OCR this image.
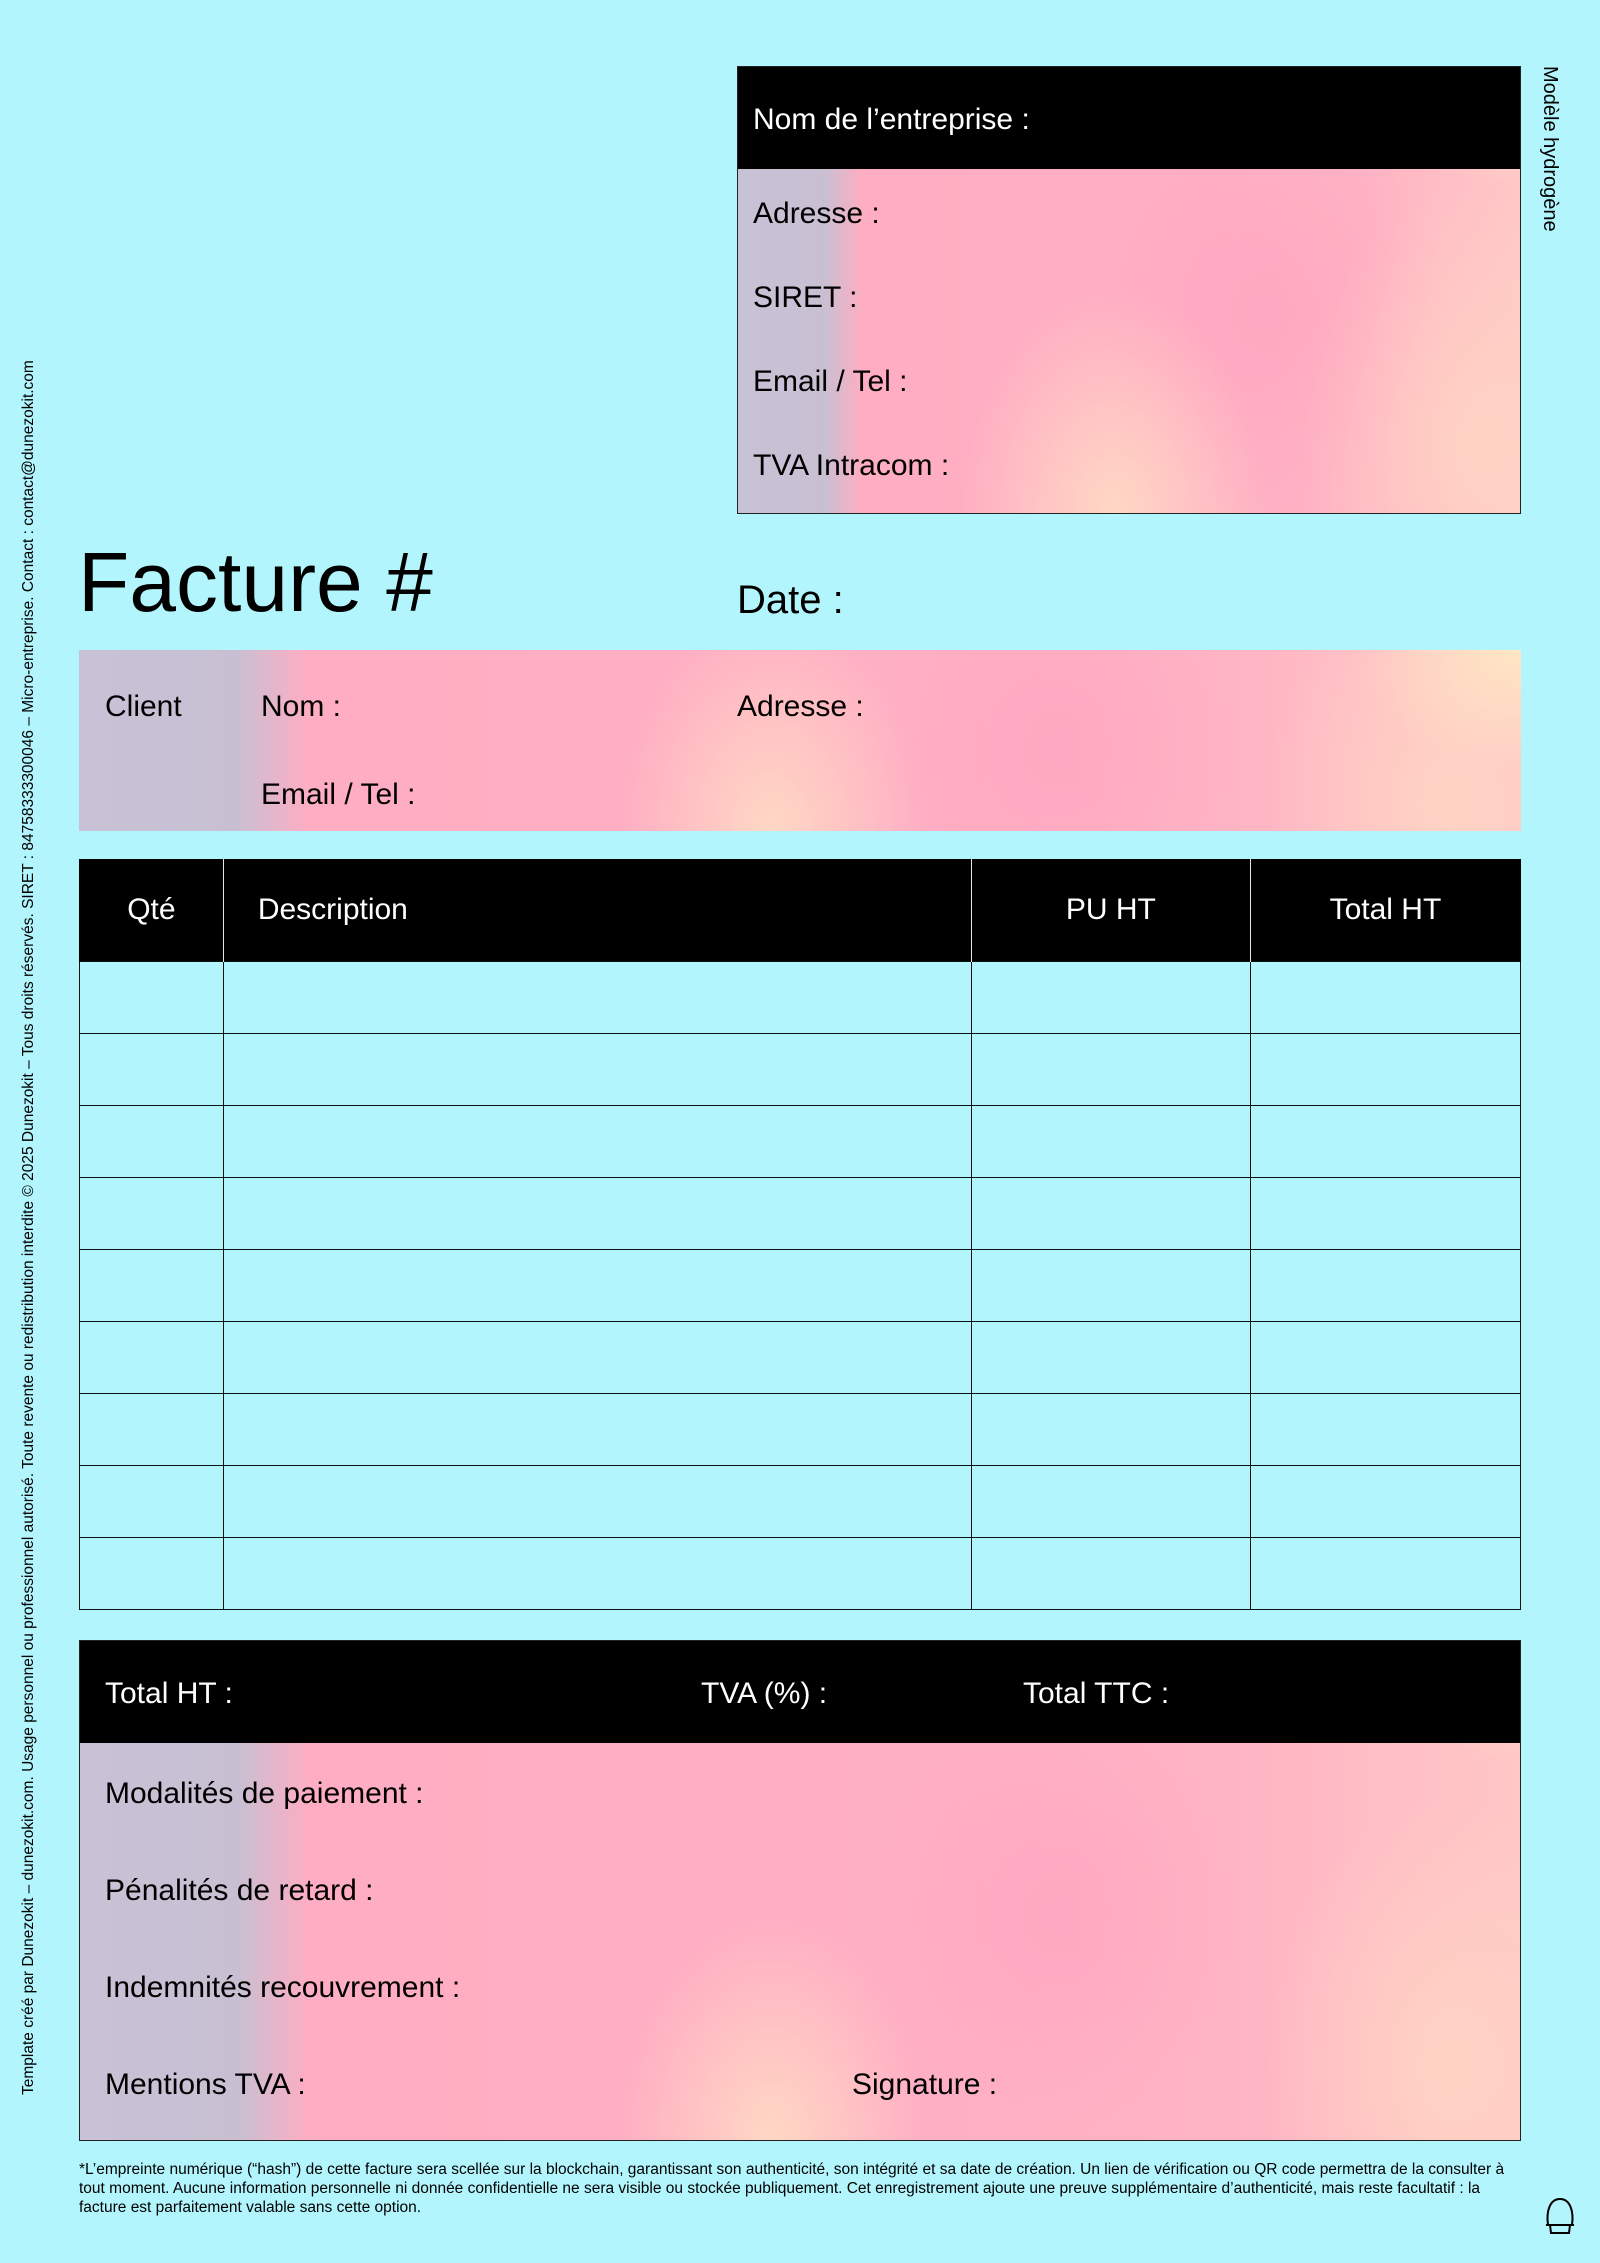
Modèle hydrogène
Template créé par Dunezokit – dunezokit.com. Usage personnel ou professionnel autorisé. Toute revente ou redistribution interdite © 2025 Dunezokit – Tous droits réservés. SIRET : 84758333300046 – Micro-entreprise. Contact : contact@dunezokit.com
Nom de l’entreprise :
Adresse :
SIRET :
Email / Tel :
TVA Intracom :
Facture #	Date :
Client	Nom :	Adresse :
Email / Tel :
Qté	Description	PU HT	Total HT

Total HT :	TVA (%) :	Total TTC :
Modalités de paiement :
Pénalités de retard :
Indemnités recouvrement :
Mentions TVA :	Signature :
*L’empreinte numérique (“hash”) de cette facture sera scellée sur la blockchain, garantissant son authenticité, son intégrité et sa date de création. Un lien de vérification ou QR code permettra de la consulter à tout moment. Aucune information personnelle ni donnée confidentielle ne sera visible ou stockée publiquement. Cet enregistrement ajoute une preuve supplémentaire d’authenticité, mais reste facultatif : la facture est parfaitement valable sans cette option.
